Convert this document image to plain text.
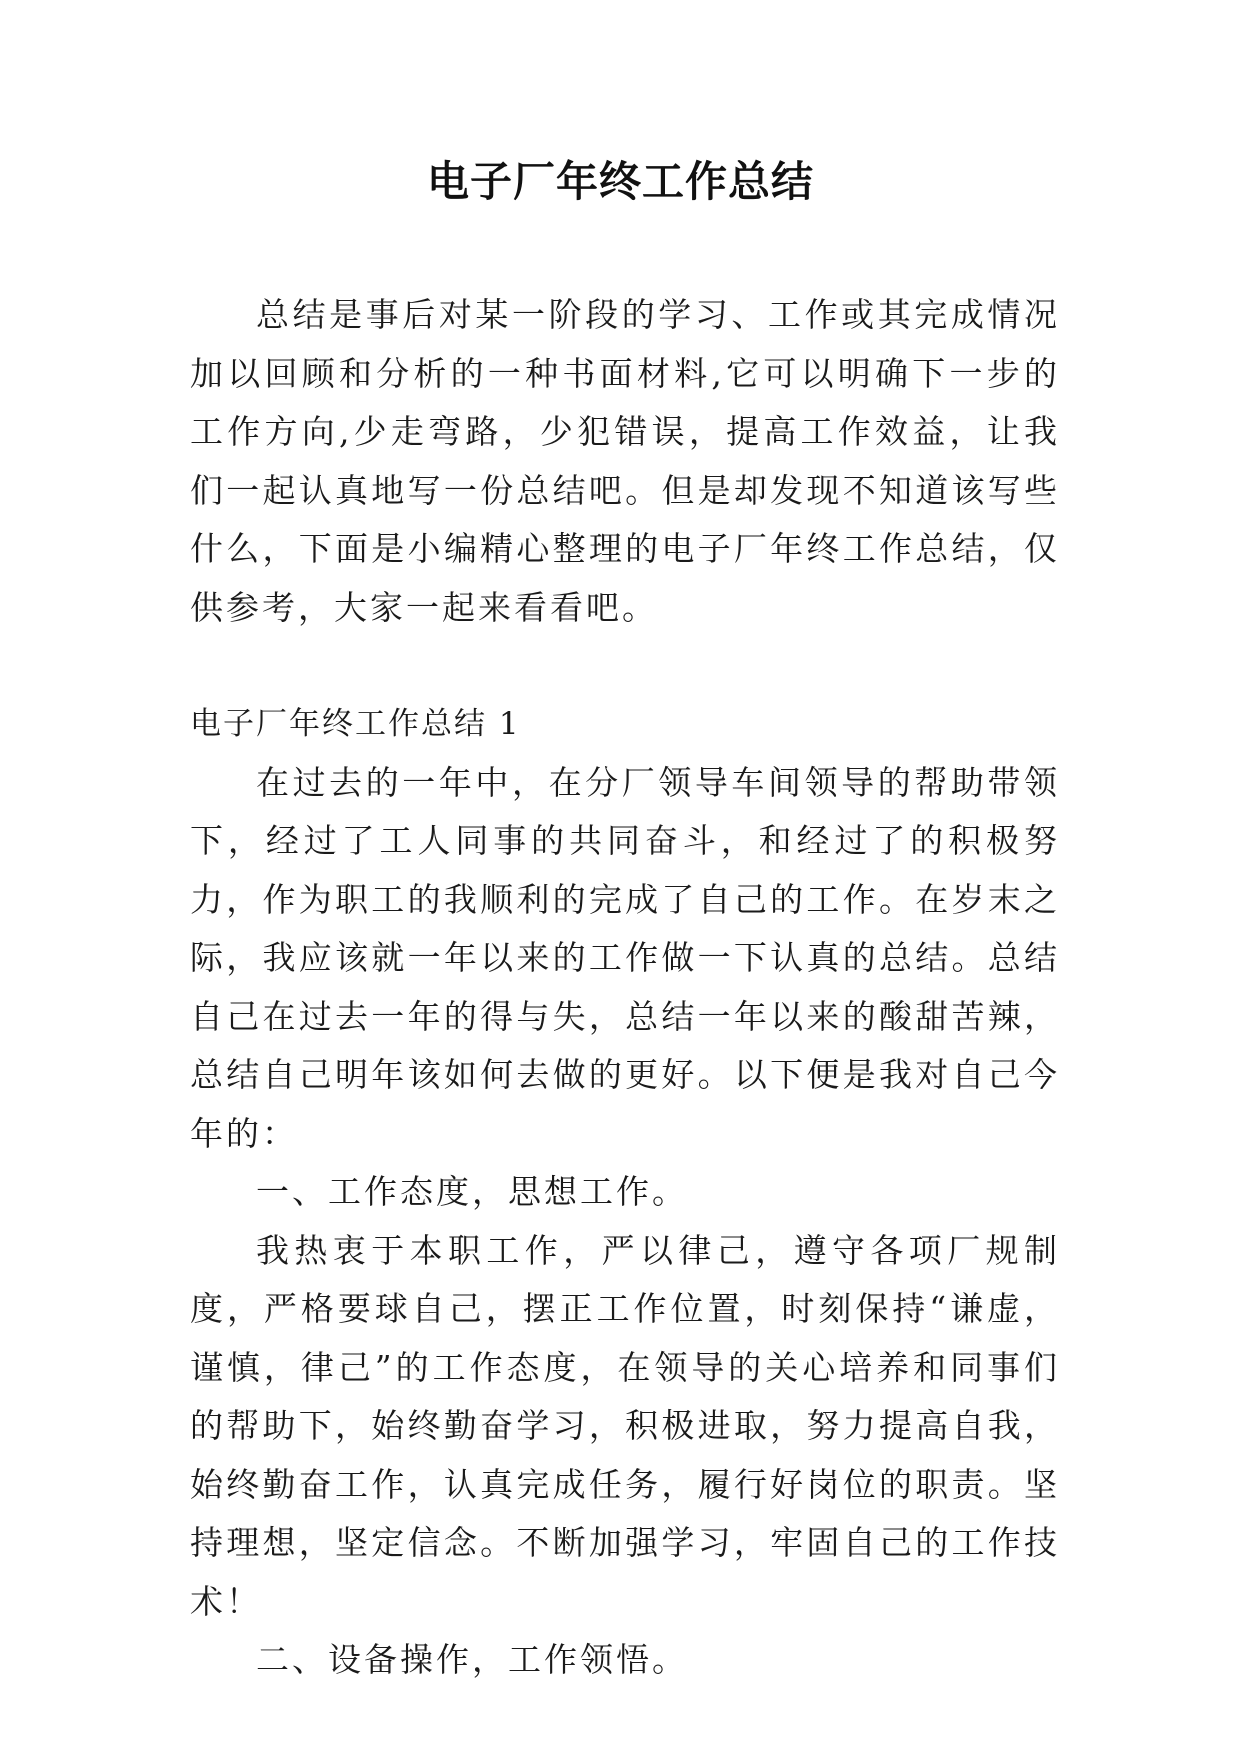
电子厂年终工作总结

总结是事后对某一阶段的学习、工作或其完成情况加以回顾和分析的一种书面材料,它可以明确下一步的工作方向,少走弯路，少犯错误，提高工作效益，让我们一起认真地写一份总结吧。但是却发现不知道该写些什么，下面是小编精心整理的电子厂年终工作总结，仅供参考，大家一起来看看吧。

电子厂年终工作总结 1

在过去的一年中，在分厂领导车间领导的帮助带领下，经过了工人同事的共同奋斗，和经过了的积极努力，作为职工的我顺利的完成了自己的工作。在岁末之际，我应该就一年以来的工作做一下认真的总结。总结自己在过去一年的得与失，总结一年以来的酸甜苦辣，总结自己明年该如何去做的更好。以下便是我对自己今年的：

一、工作态度，思想工作。

我热衷于本职工作，严以律己，遵守各项厂规制度，严格要球自己，摆正工作位置，时刻保持“谦虚，谨慎，律己”的工作态度，在领导的关心培养和同事们的帮助下，始终勤奋学习，积极进取，努力提高自我，始终勤奋工作，认真完成任务，履行好岗位的职责。坚持理想，坚定信念。不断加强学习，牢固自己的工作技术！

二、设备操作，工作领悟。
